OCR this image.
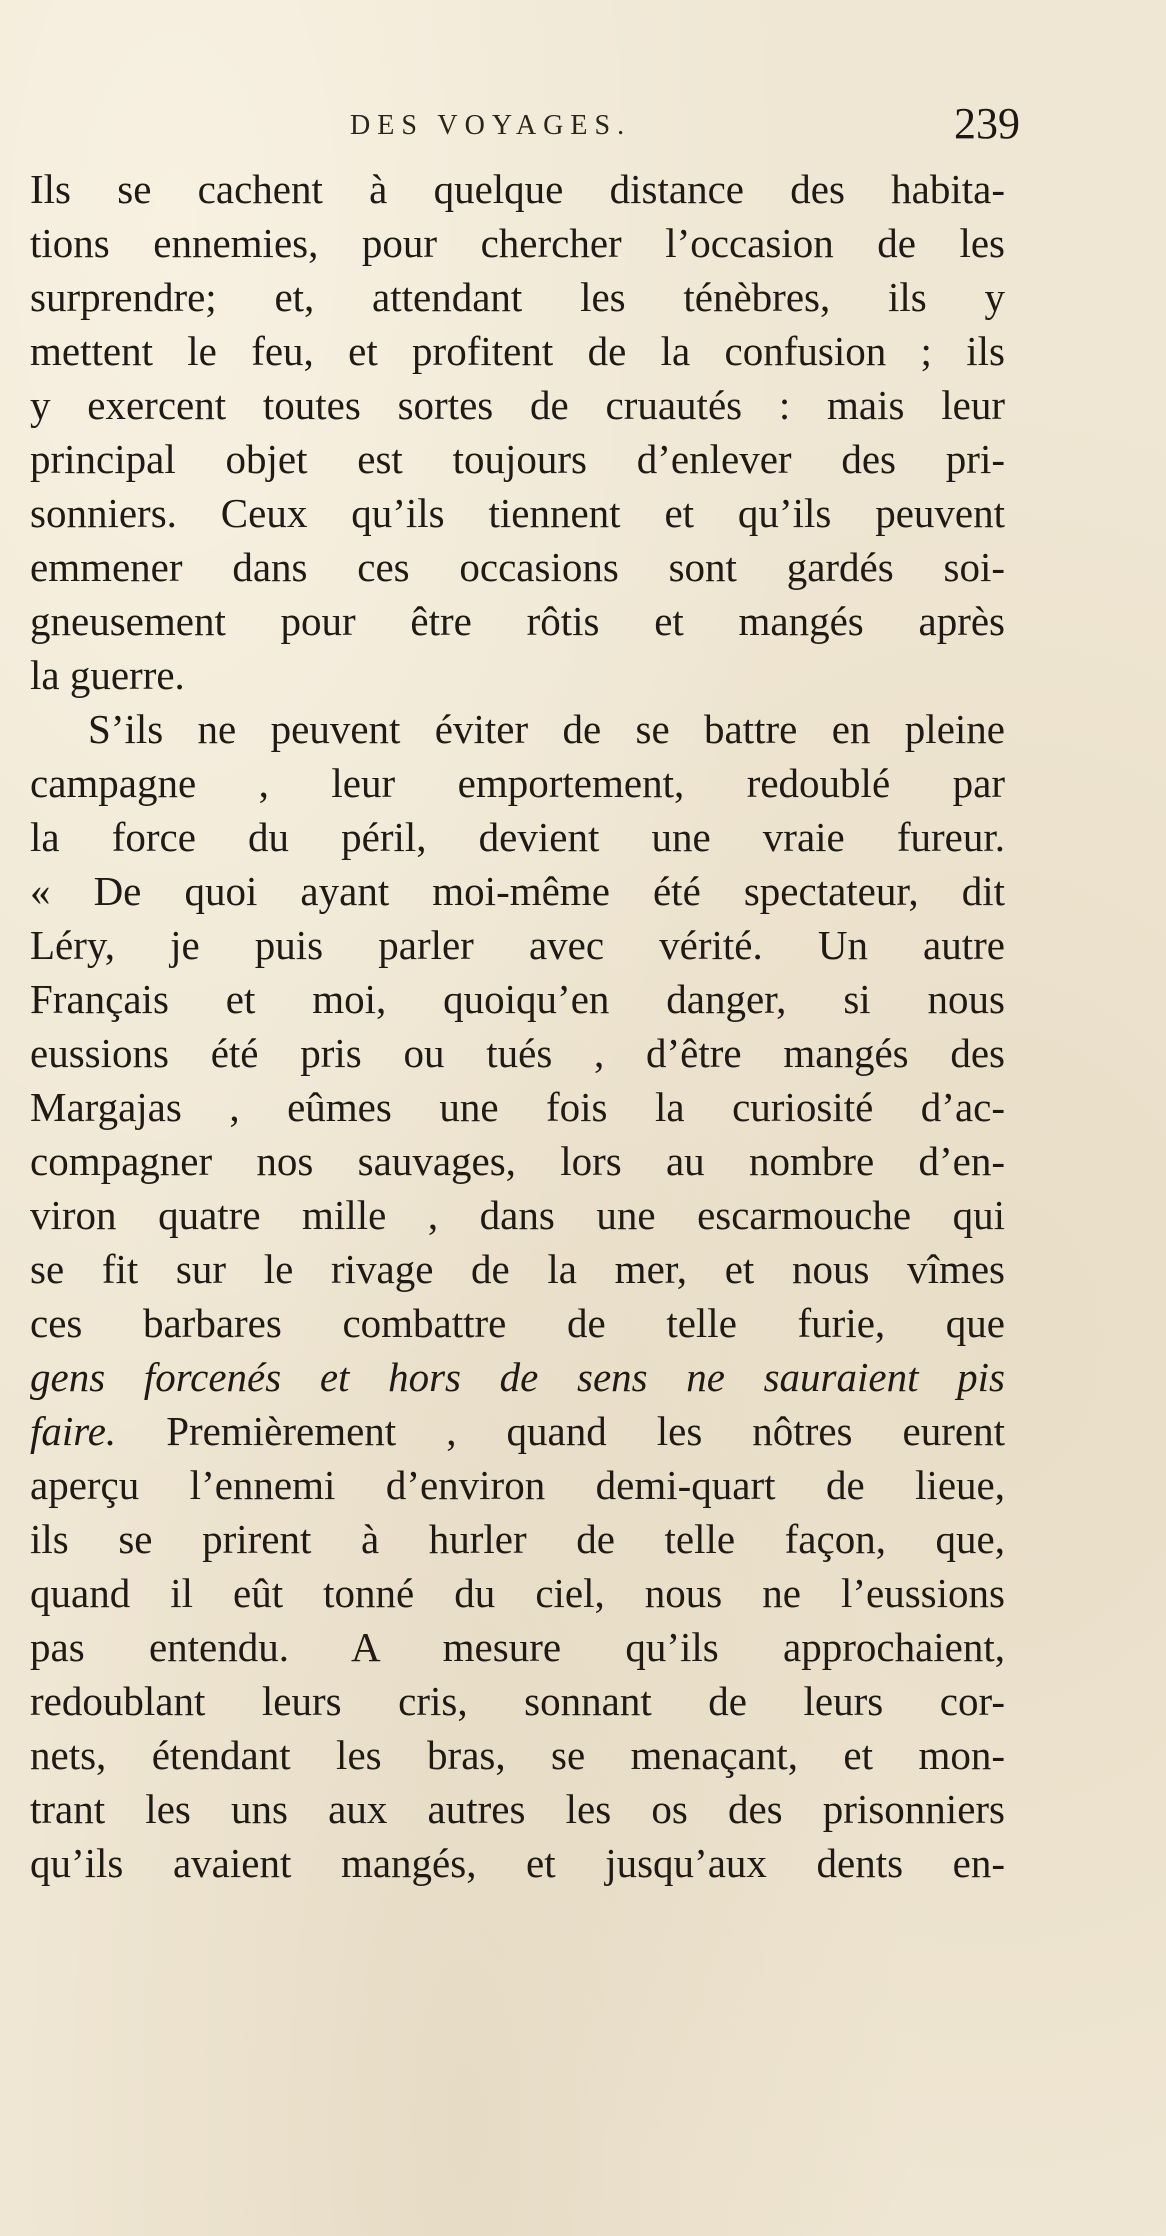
DES VOYAGES.	239
Ils se cachent à quelque distance des habita-
tions ennemies, pour chercher l’occasion de les
surprendre; et, attendant les ténèbres, ils y
mettent le feu, et profitent de la confusion ; ils
y exercent toutes sortes de cruautés : mais leur
principal objet est toujours d’enlever des pri-
sonniers. Ceux qu’ils tiennent et qu’ils peuvent
emmener dans ces occasions sont gardés soi-
gneusement pour être rôtis et mangés après
la guerre.
S’ils ne peuvent éviter de se battre en pleine
campagne , leur emportement, redoublé par
la force du péril, devient une vraie fureur.
« De quoi ayant moi-même été spectateur, dit
Léry, je puis parler avec vérité. Un autre
Français et moi, quoiqu’en danger, si nous
eussions été pris ou tués , d’être mangés des
Margajas , eûmes une fois la curiosité d’ac-
compagner nos sauvages, lors au nombre d’en-
viron quatre mille , dans une escarmouche qui
se fit sur le rivage de la mer, et nous vîmes
ces barbares combattre de telle furie, que
gens forcenés et hors de sens ne sauraient pis
faire. Premièrement , quand les nôtres eurent
aperçu l’ennemi d’environ demi-quart de lieue,
ils se prirent à hurler de telle façon, que,
quand il eût tonné du ciel, nous ne l’eussions
pas entendu. A mesure qu’ils approchaient,
redoublant leurs cris, sonnant de leurs cor-
nets, étendant les bras, se menaçant, et mon-
trant les uns aux autres les os des prisonniers
qu’ils avaient mangés, et jusqu’aux dents en-
